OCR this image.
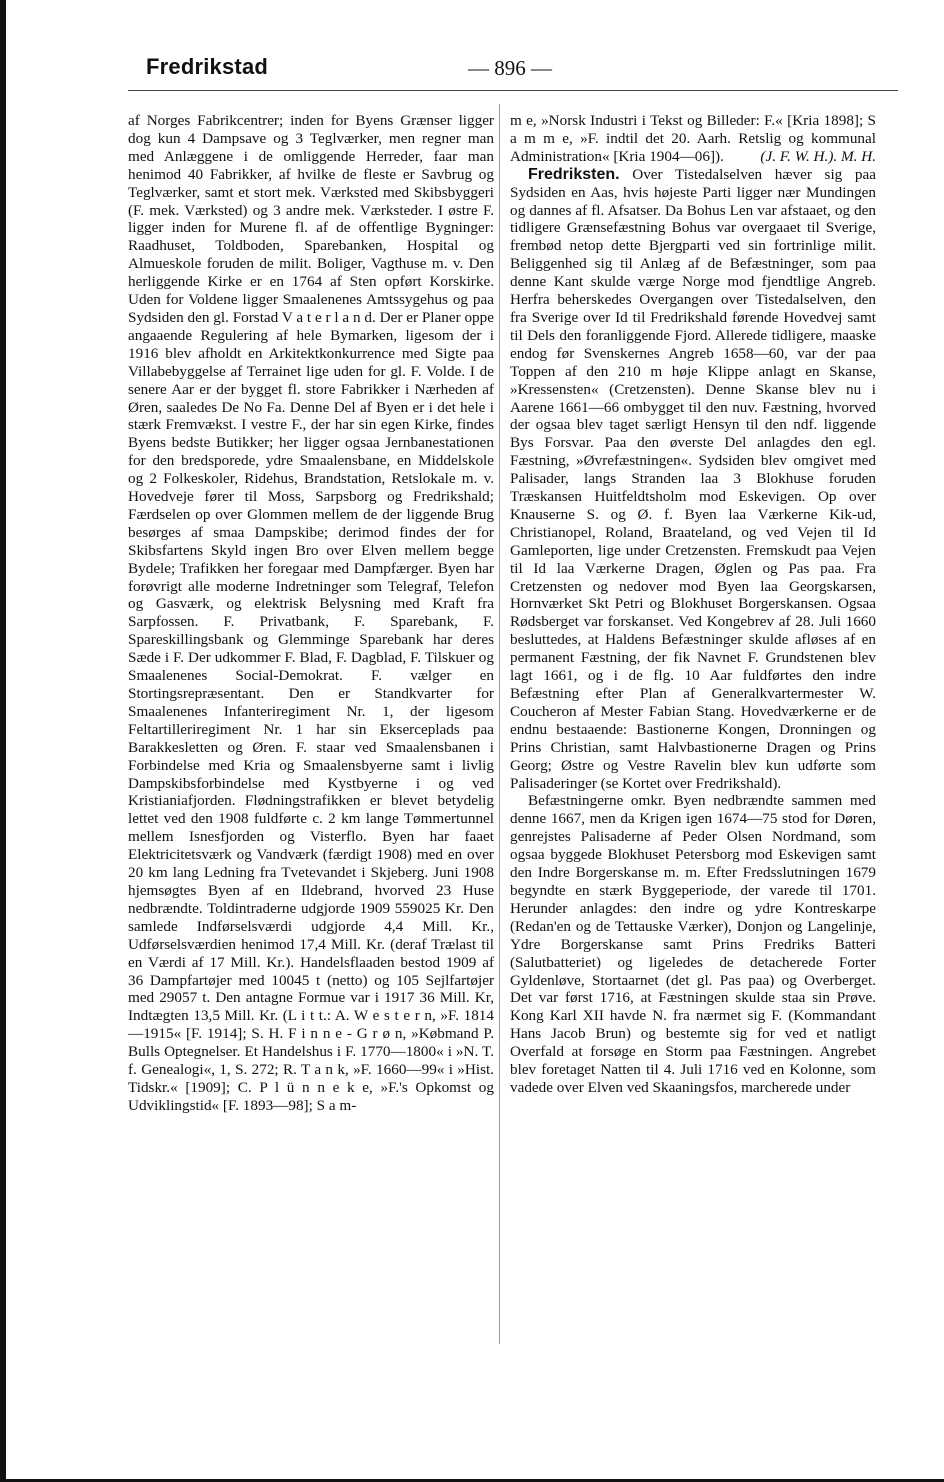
Fredrikstad	— 896 —

af Norges Fabrikcentrer; inden for Byens Grænser ligger dog kun 4 Dampsave og 3 Teglværker, men regner man med Anlæggene i de omliggende Herreder, faar man henimod 40 Fabrikker, af hvilke de fleste er Savbrug og Teglværker, samt et stort mek. Værksted med Skibsbyggeri (F. mek. Værksted) og 3 andre mek. Værksteder. I østre F. ligger inden for Murene fl. af de offentlige Bygninger: Raadhuset, Toldboden, Sparebanken, Hospital og Almueskole foruden de milit. Boliger, Vagthuse m. v. Den herliggende Kirke er en 1764 af Sten opført Korskirke. Uden for Voldene ligger Smaalenenes Amtssygehus og paa Sydsiden den gl. Forstad V a t e r l a n d. Der er Planer oppe angaaende Regulering af hele Bymarken, ligesom der i 1916 blev afholdt en Arkitektkonkurrence med Sigte paa Villabebyggelse af Terrainet lige uden for gl. F. Volde. I de senere Aar er der bygget fl. store Fabrikker i Nærheden af Øren, saaledes De No Fa. Denne Del af Byen er i det hele i stærk Fremvækst. I vestre F., der har sin egen Kirke, findes Byens bedste Butikker; her ligger ogsaa Jernbanestationen for den bredsporede, ydre Smaalensbane, en Middelskole og 2 Folkeskoler, Ridehus, Brandstation, Retslokale m. v. Hovedveje fører til Moss, Sarpsborg og Fredrikshald; Færdselen op over Glommen mellem de der liggende Brug besørges af smaa Dampskibe; derimod findes der for Skibsfartens Skyld ingen Bro over Elven mellem begge Bydele; Trafikken her foregaar med Dampfærger. Byen har forøvrigt alle moderne Indretninger som Telegraf, Telefon og Gasværk, og elektrisk Belysning med Kraft fra Sarpfossen. F. Privatbank, F. Sparebank, F. Spareskillingsbank og Glemminge Sparebank har deres Sæde i F. Der udkommer F. Blad, F. Dagblad, F. Tilskuer og Smaalenenes Social-Demokrat. F. vælger en Stortingsrepræsentant. Den er Standkvarter for Smaalenenes Infanteriregiment Nr. 1, der ligesom Feltartilleriregiment Nr. 1 har sin Ekserceplads paa Barakkesletten og Øren. F. staar ved Smaalensbanen i Forbindelse med Kria og Smaalensbyerne samt i livlig Dampskibsforbindelse med Kystbyerne i og ved Kristianiafjorden. Flødningstrafikken er blevet betydelig lettet ved den 1908 fuldførte c. 2 km lange Tømmertunnel mellem Isnesfjorden og Visterflo. Byen har faaet Elektricitetsværk og Vandværk (færdigt 1908) med en over 20 km lang Ledning fra Tvetevandet i Skjeberg. Juni 1908 hjemsøgtes Byen af en Ildebrand, hvorved 23 Huse nedbrændte. Toldintraderne udgjorde 1909 559025 Kr. Den samlede Indførselsværdi udgjorde 4,4 Mill. Kr., Udførselsværdien henimod 17,4 Mill. Kr. (deraf Trælast til en Værdi af 17 Mill. Kr.). Handelsflaaden bestod 1909 af 36 Dampfartøjer med 10045 t (netto) og 105 Sejlfartøjer med 29057 t. Den antagne Formue var i 1917 36 Mill. Kr, Indtægten 13,5 Mill. Kr. (L i t t.: A. W e s t e r n, »F. 1814—1915« [F. 1914]; S. H. F i n n e - G r ø n, »Købmand P. Bulls Optegnelser. Et Handelshus i F. 1770—1800« i »N. T. f. Genealogi«, 1, S. 272; R. T a n k, »F. 1660—99« i »Hist. Tidskr.« [1909]; C. P l ü n n e k e, »F.'s Opkomst og Udviklingstid« [F. 1893—98]; S a m-

m e, »Norsk Industri i Tekst og Billeder: F.« [Kria 1898]; S a m m e, »F. indtil det 20. Aarh. Retslig og kommunal Administration« [Kria 1904—06]). (J. F. W. H.). M. H.

Fredriksten. Over Tistedalselven hæver sig paa Sydsiden en Aas, hvis højeste Parti ligger nær Mundingen og dannes af fl. Afsatser. Da Bohus Len var afstaaet, og den tidligere Grænsefæstning Bohus var overgaaet til Sverige, frembød netop dette Bjergparti ved sin fortrinlige milit. Beliggenhed sig til Anlæg af de Befæstninger, som paa denne Kant skulde værge Norge mod fjendtlige Angreb. Herfra beherskedes Overgangen over Tistedalselven, den fra Sverige over Id til Fredrikshald førende Hovedvej samt til Dels den foranliggende Fjord. Allerede tidligere, maaske endog før Svenskernes Angreb 1658—60, var der paa Toppen af den 210 m høje Klippe anlagt en Skanse, »Kressensten« (Cretzensten). Denne Skanse blev nu i Aarene 1661—66 ombygget til den nuv. Fæstning, hvorved der ogsaa blev taget særligt Hensyn til den ndf. liggende Bys Forsvar. Paa den øverste Del anlagdes den egl. Fæstning, »Øvrefæstningen«. Sydsiden blev omgivet med Palisader, langs Stranden laa 3 Blokhuse foruden Træskansen Huitfeldtsholm mod Eskevigen. Op over Knauserne S. og Ø. f. Byen laa Værkerne Kik-ud, Christianopel, Roland, Braateland, og ved Vejen til Id Gamleporten, lige under Cretzensten. Fremskudt paa Vejen til Id laa Værkerne Dragen, Øglen og Pas paa. Fra Cretzensten og nedover mod Byen laa Georgskarsen, Hornværket Skt Petri og Blokhuset Borgerskansen. Ogsaa Rødsberget var forskanset. Ved Kongebrev af 28. Juli 1660 besluttedes, at Haldens Befæstninger skulde afløses af en permanent Fæstning, der fik Navnet F. Grundstenen blev lagt 1661, og i de flg. 10 Aar fuldførtes den indre Befæstning efter Plan af Generalkvartermester W. Coucheron af Mester Fabian Stang. Hovedværkerne er de endnu bestaaende: Bastionerne Kongen, Dronningen og Prins Christian, samt Halvbastionerne Dragen og Prins Georg; Østre og Vestre Ravelin blev kun udførte som Palisaderinger (se Kortet over Fredrikshald).

Befæstningerne omkr. Byen nedbrændte sammen med denne 1667, men da Krigen igen 1674—75 stod for Døren, genrejstes Palisaderne af Peder Olsen Nordmand, som ogsaa byggede Blokhuset Petersborg mod Eskevigen samt den Indre Borgerskanse m. m. Efter Fredsslutningen 1679 begyndte en stærk Byggeperiode, der varede til 1701. Herunder anlagdes: den indre og ydre Kontreskarpe (Redan'en og de Tettauske Værker), Donjon og Langelinje, Ydre Borgerskanse samt Prins Fredriks Batteri (Salutbatteriet) og ligeledes de detacherede Forter Gyldenløve, Stortaarnet (det gl. Pas paa) og Overberget. Det var først 1716, at Fæstningen skulde staa sin Prøve. Kong Karl XII havde N. fra nærmet sig F. (Kommandant Hans Jacob Brun) og bestemte sig for ved et natligt Overfald at forsøge en Storm paa Fæstningen. Angrebet blev foretaget Natten til 4. Juli 1716 ved en Kolonne, som vadede over Elven ved Skaaningsfos, marcherede under
